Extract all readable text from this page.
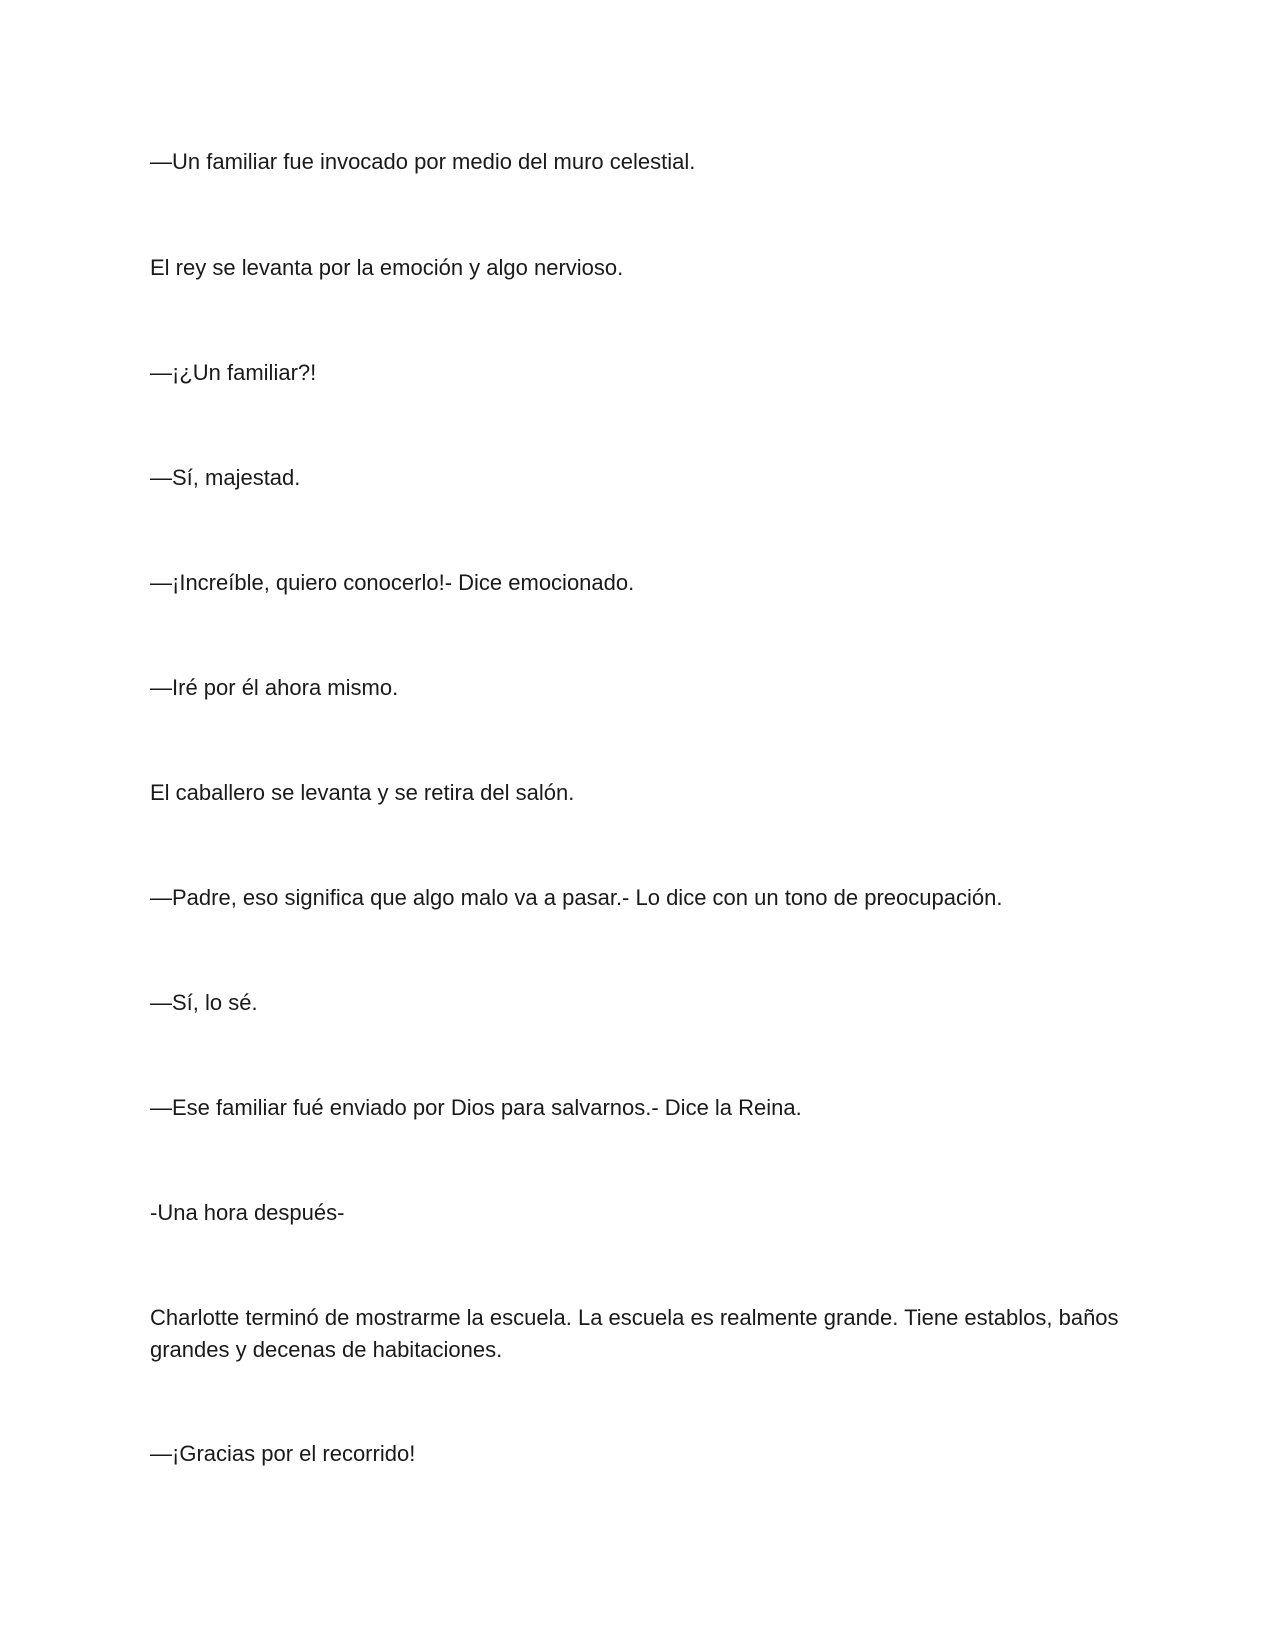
—Un familiar fue invocado por medio del muro celestial.

El rey se levanta por la emoción y algo nervioso.

—¡¿Un familiar?!

—Sí, majestad.

—¡Increíble, quiero conocerlo!- Dice emocionado.

—Iré por él ahora mismo.

El caballero se levanta y se retira del salón.

—Padre, eso significa que algo malo va a pasar.- Lo dice con un tono de preocupación.

—Sí, lo sé.

—Ese familiar fué enviado por Dios para salvarnos.- Dice la Reina.

-Una hora después-

Charlotte terminó de mostrarme la escuela. La escuela es realmente grande. Tiene establos, baños grandes y decenas de habitaciones.

—¡Gracias por el recorrido!
